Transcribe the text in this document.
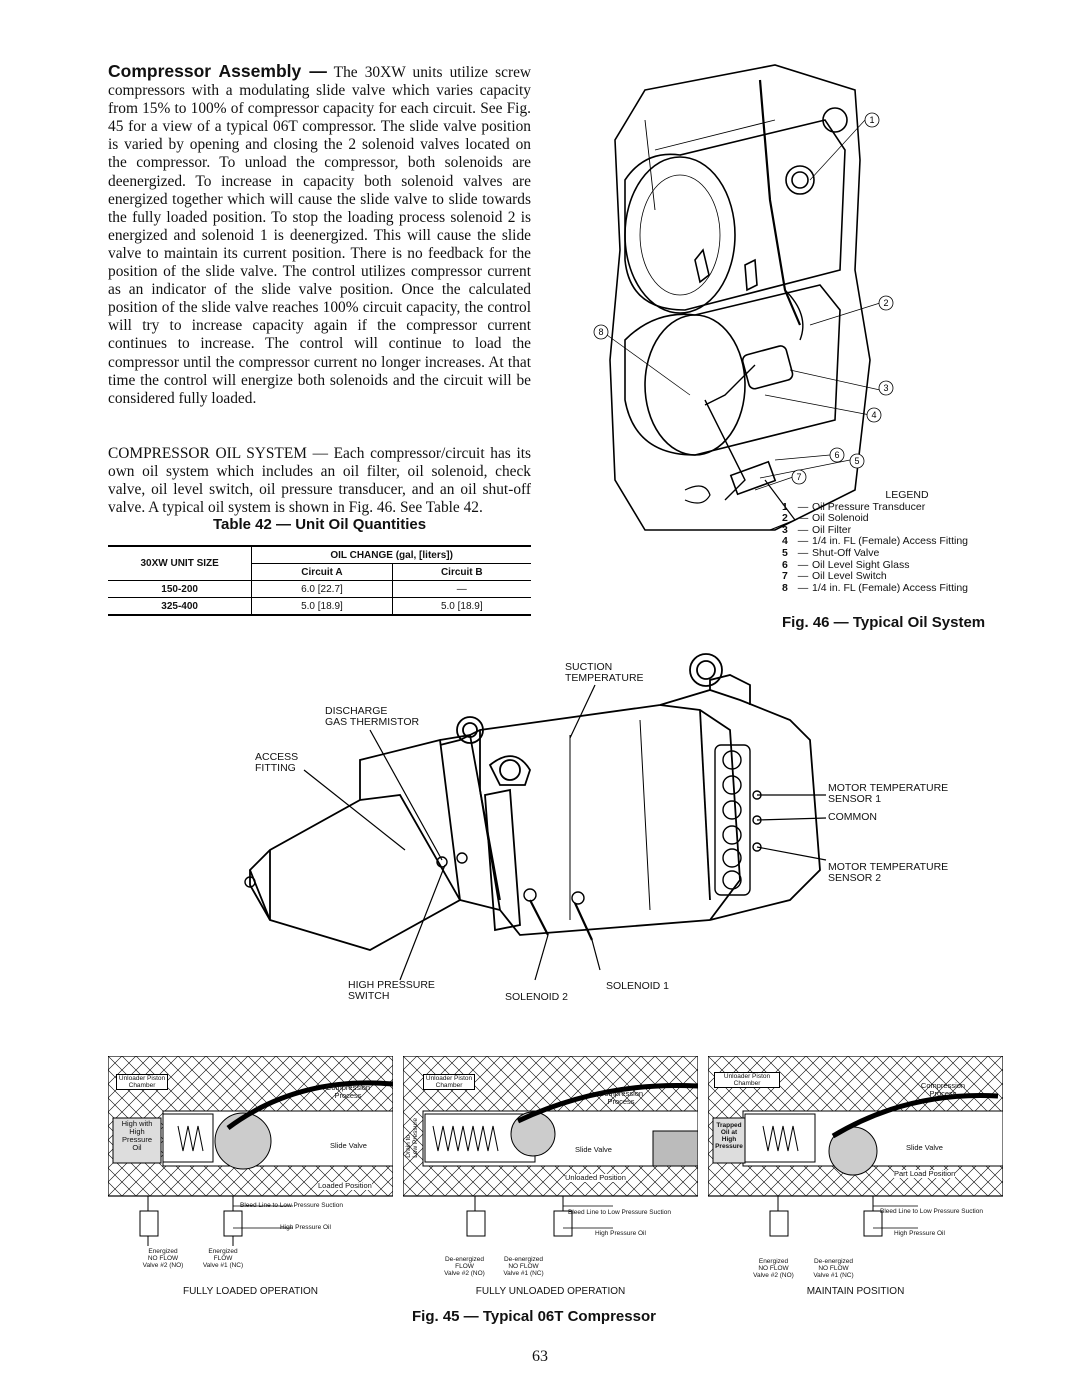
Compressor Assembly — The 30XW units utilize screw compressors with a modulating slide valve which varies capacity from 15% to 100% of compressor capacity for each circuit. See Fig. 45 for a view of a typical 06T compressor. The slide valve position is varied by opening and closing the 2 solenoid valves located on the compressor. To unload the compressor, both solenoids are deenergized. To increase in capacity both solenoid valves are energized together which will cause the slide valve to slide towards the fully loaded position. To stop the loading process solenoid 2 is energized and solenoid 1 is deenergized. This will cause the slide valve to maintain its current position. There is no feedback for the position of the slide valve. The control utilizes compressor current as an indicator of the slide valve position. Once the calculated position of the slide valve reaches 100% circuit capacity, the control will try to increase capacity again if the compressor current continues to increase. The control will continue to load the compressor until the compressor current no longer increases. At that time the control will energize both solenoids and the circuit will be considered fully loaded.
COMPRESSOR OIL SYSTEM — Each compressor/circuit has its own oil system which includes an oil filter, oil solenoid, check valve, oil level switch, oil pressure transducer, and an oil shut-off valve. A typical oil system is shown in Fig. 46. See Table 42.
Table 42 — Unit Oil Quantities
30XW UNIT SIZE	OIL CHANGE (gal, [liters])	
	Circuit A	Circuit B
150-200	6.0 [22.7]	—
325-400	5.0 [18.9]	5.0 [18.9]
1
2
3
4
5
6
7
8
LEGEND
1 — Oil Pressure Transducer
2 — Oil Solenoid
3 — Oil Filter
4 — 1/4 in. FL (Female) Access Fitting
5 — Shut-Off Valve
6 — Oil Level Sight Glass
7 — Oil Level Switch
8 — 1/4 in. FL (Female) Access Fitting
Fig. 46 — Typical Oil System
SUCTION
TEMPERATURE
DISCHARGE
GAS THERMISTOR
ACCESS
FITTING
MOTOR TEMPERATURE
SENSOR 1
COMMON
MOTOR TEMPERATURE
SENSOR 2
HIGH PRESSURE
SWITCH
SOLENOID 1
SOLENOID 2
Unloader Piston
Chamber	Compression
Process
High with
High
Pressure
Oil	Slide Valve
Loaded Position
Bleed Line to Low Pressure Suction
High Pressure Oil
Energized
NO FLOW
Valve #2 (NO)
Energized
FLOW
Valve #1 (NC)
FULLY LOADED OPERATION
Unloader Piston
Chamber
Compression
Process
Drain to
Low Pressure
Slide Valve
Unloaded Position
Bleed Line to Low Pressure Suction
High Pressure Oil
De-energized
FLOW
Valve #2 (NO)
De-energized
NO FLOW
Valve #1 (NC)
FULLY UNLOADED OPERATION
Unloader Piston
Chamber	Compression
Process
Trapped
Oil at
High
Pressure	Slide Valve
Part Load Position
Bleed Line to Low Pressure Suction
High Pressure Oil
Energized
NO FLOW
Valve #2 (NO)
De-energized
NO FLOW
Valve #1 (NC)
MAINTAIN POSITION
Fig. 45 — Typical 06T Compressor
63
